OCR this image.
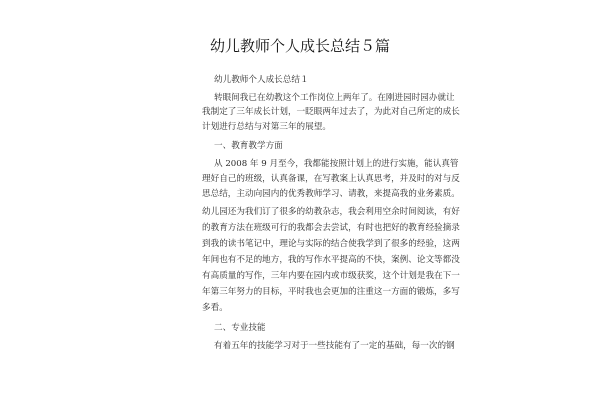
幼儿教师个人成长总结５篇
幼儿教师个人成长总结１
转眼间我已在幼教这个工作岗位上两年了。在刚进园时园办就让
我制定了三年成长计划，一眨眼两年过去了，为此对自己所定的成长
计划进行总结与对第三年的展望。
一、教育教学方面
从 2008 年 9 月至今，我都能按照计划上的进行实施，能认真管
理好自己的班级，认真备课，在写教案上认真思考，并及时的对与反
思总结，主动向园内的优秀教师学习、请教，来提高我的业务素质。
幼儿园还为我们订了很多的幼教杂志，我会利用空余时间阅读，有好
的教育方法在班级可行的我都会去尝试，有时也把好的教育经验摘录
到我的读书笔记中，理论与实际的结合使我学到了很多的经验，这两
年间也有不足的地方，我的写作水平提高的不快，案例、论文等都没
有高质量的写作，三年内要在园内或市级获奖，这个计划是我在下一
年第三年努力的目标，平时我也会更加的注重这一方面的锻炼，多写
多看。
二、专业技能
有着五年的技能学习对于一些技能有了一定的基础，每一次的钢
